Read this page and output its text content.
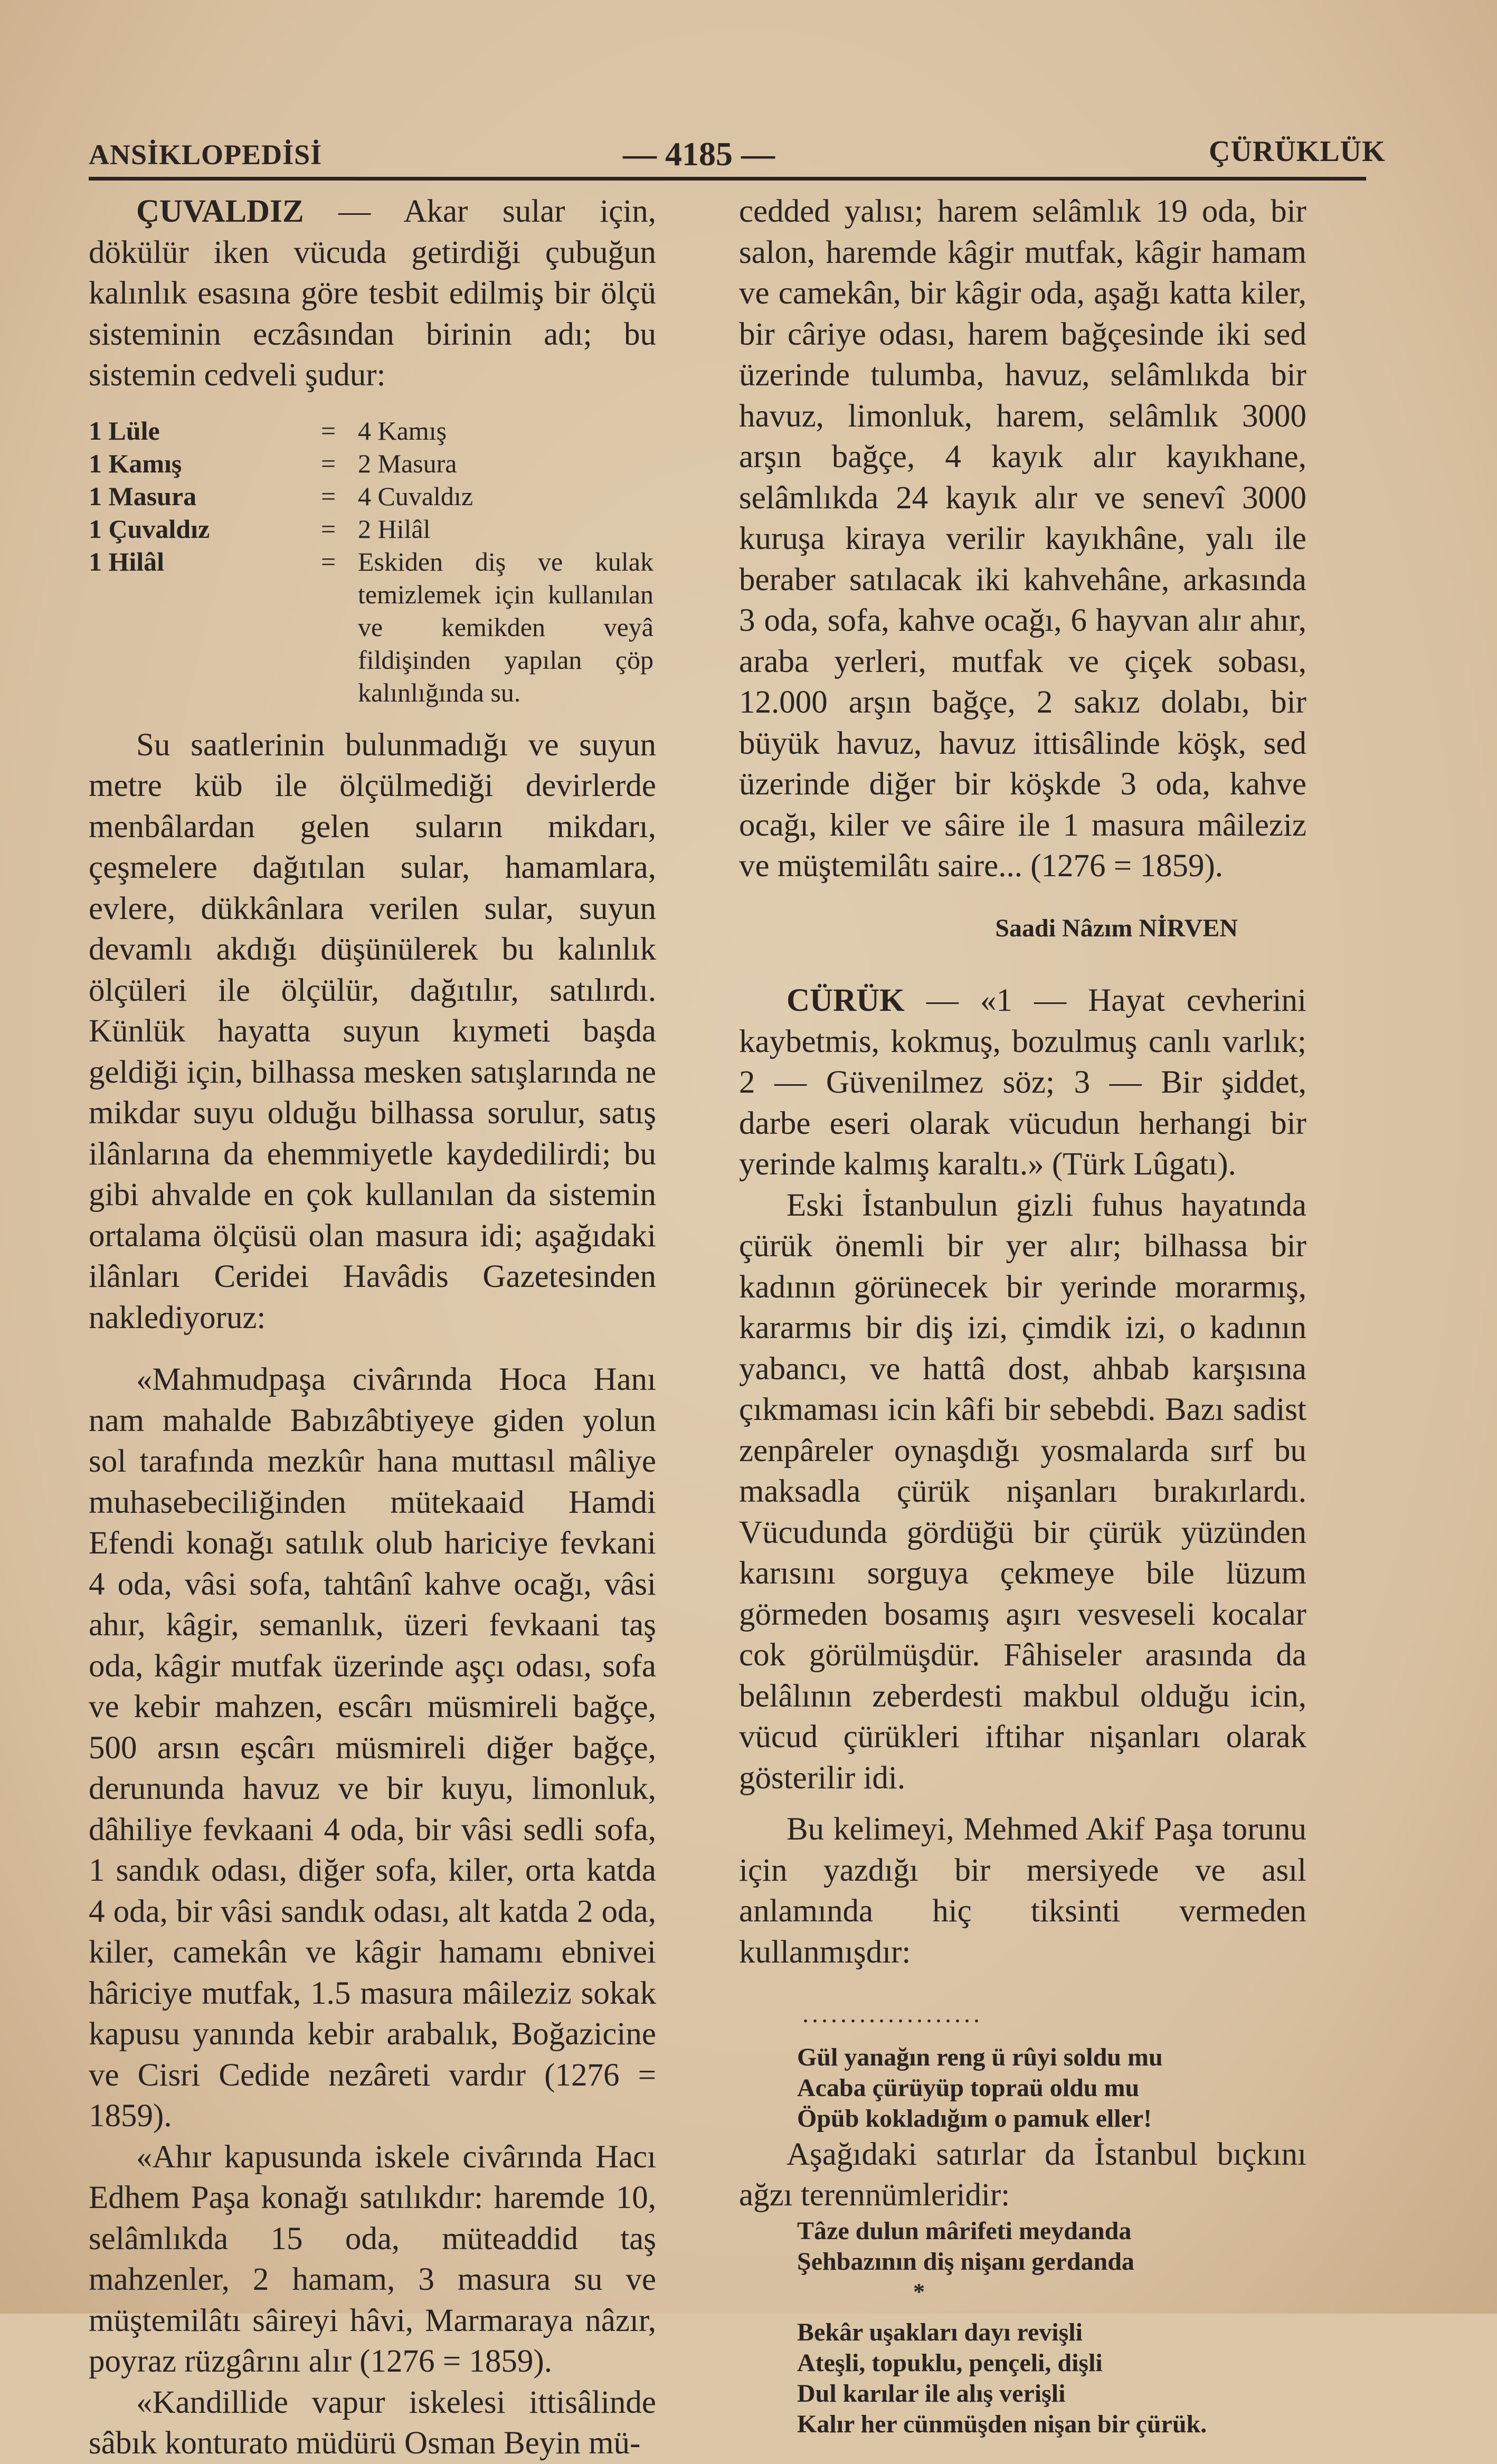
ANSİKLOPEDİSİ	— 4185 —	ÇÜRÜKLÜK

ÇUVALDIZ — Akar sular için, dökülür iken vücuda getirdiği çubuğun kalınlık esasına göre tesbit edilmiş bir ölçü sisteminin eczâsından birinin adı; bu sistemin cedveli şudur:

1 Lüle	=	4 Kamış
1 Kamış	=	2 Masura
1 Masura	=	4 Cuvaldız
1 Çuvaldız	=	2 Hilâl
1 Hilâl	=	Eskiden diş ve kulak temizlemek için kullanılan ve kemikden veyâ fildişinden yapılan çöp kalınlığında su.

Su saatlerinin bulunmadığı ve suyun metre küb ile ölçülmediği devirlerde menbâlardan gelen suların mikdarı, çeşmelere dağıtılan sular, hamamlara, evlere, dükkânlara verilen sular, suyun devamlı akdığı düşünülerek bu kalınlık ölçüleri ile ölçülür, dağıtılır, satılırdı. Künlük hayatta suyun kıymeti başda geldiği için, bilhassa mesken satışlarında ne mikdar suyu olduğu bilhassa sorulur, satış ilânlarına da ehemmiyetle kaydedilirdi; bu gibi ahvalde en çok kullanılan da sistemin ortalama ölçüsü olan masura idi; aşağıdaki ilânları Ceridei Havâdis Gazetesinden naklediyoruz:

«Mahmudpaşa civârında Hoca Hanı nam mahalde Babızâbtiyeye giden yolun sol tarafında mezkûr hana muttasıl mâliye muhasebeciliğinden mütekaaid Hamdi Efendi konağı satılık olub hariciye fevkani 4 oda, vâsi sofa, tahtânî kahve ocağı, vâsi ahır, kâgir, semanlık, üzeri fevkaani taş oda, kâgir mutfak üzerinde aşçı odası, sofa ve kebir mahzen, escârı müsmireli bağçe, 500 arsın eşcârı müsmireli diğer bağçe, derununda havuz ve bir kuyu, limonluk, dâhiliye fevkaani 4 oda, bir vâsi sedli sofa, 1 sandık odası, diğer sofa, kiler, orta katda 4 oda, bir vâsi sandık odası, alt katda 2 oda, kiler, camekân ve kâgir hamamı ebnivei hâriciye mutfak, 1.5 masura mâileziz sokak kapusu yanında kebir arabalık, Boğazicine ve Cisri Cedide nezâreti vardır (1276 = 1859).

«Ahır kapusunda iskele civârında Hacı Edhem Paşa konağı satılıkdır: haremde 10, selâmlıkda 15 oda, müteaddid taş mahzenler, 2 hamam, 3 masura su ve müştemilâtı sâireyi hâvi, Marmaraya nâzır, poyraz rüzgârını alır (1276 = 1859).

«Kandillide vapur iskelesi ittisâlinde sâbık konturato müdürü Osman Beyin mü-

cedded yalısı; harem selâmlık 19 oda, bir salon, haremde kâgir mutfak, kâgir hamam ve camekân, bir kâgir oda, aşağı katta kiler, bir câriye odası, harem bağçesinde iki sed üzerinde tulumba, havuz, selâmlıkda bir havuz, limonluk, harem, selâmlık 3000 arşın bağçe, 4 kayık alır kayıkhane, selâmlıkda 24 kayık alır ve senevî 3000 kuruşa kiraya verilir kayıkhâne, yalı ile beraber satılacak iki kahvehâne, arkasında 3 oda, sofa, kahve ocağı, 6 hayvan alır ahır, araba yerleri, mutfak ve çiçek sobası, 12.000 arşın bağçe, 2 sakız dolabı, bir büyük havuz, havuz ittisâlinde köşk, sed üzerinde diğer bir köşkde 3 oda, kahve ocağı, kiler ve sâire ile 1 masura mâileziz ve müştemilâtı saire... (1276 = 1859).

Saadi Nâzım NİRVEN

CÜRÜK — «1 — Hayat cevherini kaybetmis, kokmuş, bozulmuş canlı varlık; 2 — Güvenilmez söz; 3 — Bir şiddet, darbe eseri olarak vücudun herhangi bir yerinde kalmış karaltı.» (Türk Lûgatı).

Eski İstanbulun gizli fuhus hayatında çürük önemli bir yer alır; bilhassa bir kadının görünecek bir yerinde morarmış, kararmıs bir diş izi, çimdik izi, o kadının yabancı, ve hattâ dost, ahbab karşısına çıkmaması icin kâfi bir sebebdi. Bazı sadist zenpâreler oynaşdığı yosmalarda sırf bu maksadla çürük nişanları bırakırlardı. Vücudunda gördüğü bir çürük yüzünden karısını sorguya çekmeye bile lüzum görmeden bosamış aşırı vesveseli kocalar cok görülmüşdür. Fâhiseler arasında da belâlının zeberdesti makbul olduğu icin, vücud çürükleri iftihar nişanları olarak gösterilir idi.

Bu kelimeyi, Mehmed Akif Paşa torunu için yazdığı bir mersiyede ve asıl anlamında hiç tiksinti vermeden kullanmışdır:

...................
Gül yanağın reng ü rûyi soldu mu
Acaba çürüyüp topraü oldu mu
Öpüb kokladığım o pamuk eller!

Aşağıdaki satırlar da İstanbul bıçkını ağzı terennümleridir:

Tâze dulun mârifeti meydanda
Şehbazının diş nişanı gerdanda
*
Bekâr uşakları dayı revişli
Ateşli, topuklu, pençeli, dişli
Dul karılar ile alış verişli
Kalır her cünmüşden nişan bir çürük.
